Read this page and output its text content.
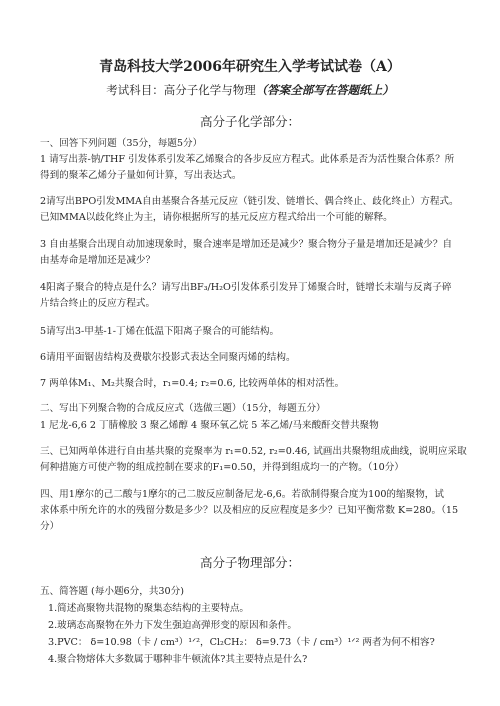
青岛科技大学2006年研究生入学考试试卷（A）
考试科目：高分子化学与物理（答案全部写在答题纸上）
高分子化学部分：
一、回答下列问题（35分，每题5分）
1 请写出萘-钠/THF 引发体系引发苯乙烯聚合的各步反应方程式。此体系是否为活性聚合体系？所
得到的聚苯乙烯分子量如何计算，写出表达式。
2请写出BPO引发MMA自由基聚合各基元反应（链引发、链增长、偶合终止、歧化终止）方程式。
已知MMA以歧化终止为主，请你根据所写的基元反应方程式给出一个可能的解释。
3 自由基聚合出现自动加速现象时，聚合速率是增加还是减少？聚合物分子量是增加还是减少？自
由基寿命是增加还是减少？
4阳离子聚合的特点是什么？请写出BF₃/H₂O引发体系引发异丁烯聚合时，链增长末端与反离子碎
片结合终止的反应方程式。
5请写出3-甲基-1-丁烯在低温下阳离子聚合的可能结构。
6请用平面锯齿结构及费歇尔投影式表达全同聚丙烯的结构。
7 两单体M₁、M₂共聚合时，r₁=0.4; r₂=0.6, 比较两单体的相对活性。
二、写出下列聚合物的合成反应式（选做三题）（15分，每题五分）
1 尼龙-6,6 2 丁腈橡胶 3 聚乙烯醇 4 聚环氧乙烷 5 苯乙烯/马来酸酐交替共聚物
三、已知两单体进行自由基共聚的竞聚率为 r₁=0.52, r₂=0.46, 试画出共聚物组成曲线，说明应采取
何种措施方可使产物的组成控制在要求的F₁=0.50，并得到组成均一的产物。（10分）
四、用1摩尔的己二酸与1摩尔的己二胺反应制备尼龙-6,6。若欲制得聚合度为100的缩聚物，试
求体系中所允许的水的残留分数是多少？以及相应的反应程度是多少？已知平衡常数 K=280。（15
分）
高分子物理部分：
五、简答题 (每小题6分，共30分)
1.简述高聚物共混物的聚集态结构的主要特点。
2.玻璃态高聚物在外力下发生强迫高弹形变的原因和条件。
3.PVC： δ=10.98（卡 / cm³）¹ᐟ²，Cl₂CH₂： δ=9.73（卡 / cm³）¹ᐟ² 两者为何不相容?
4.聚合物熔体大多数属于哪种非牛顿流体?其主要特点是什么?
